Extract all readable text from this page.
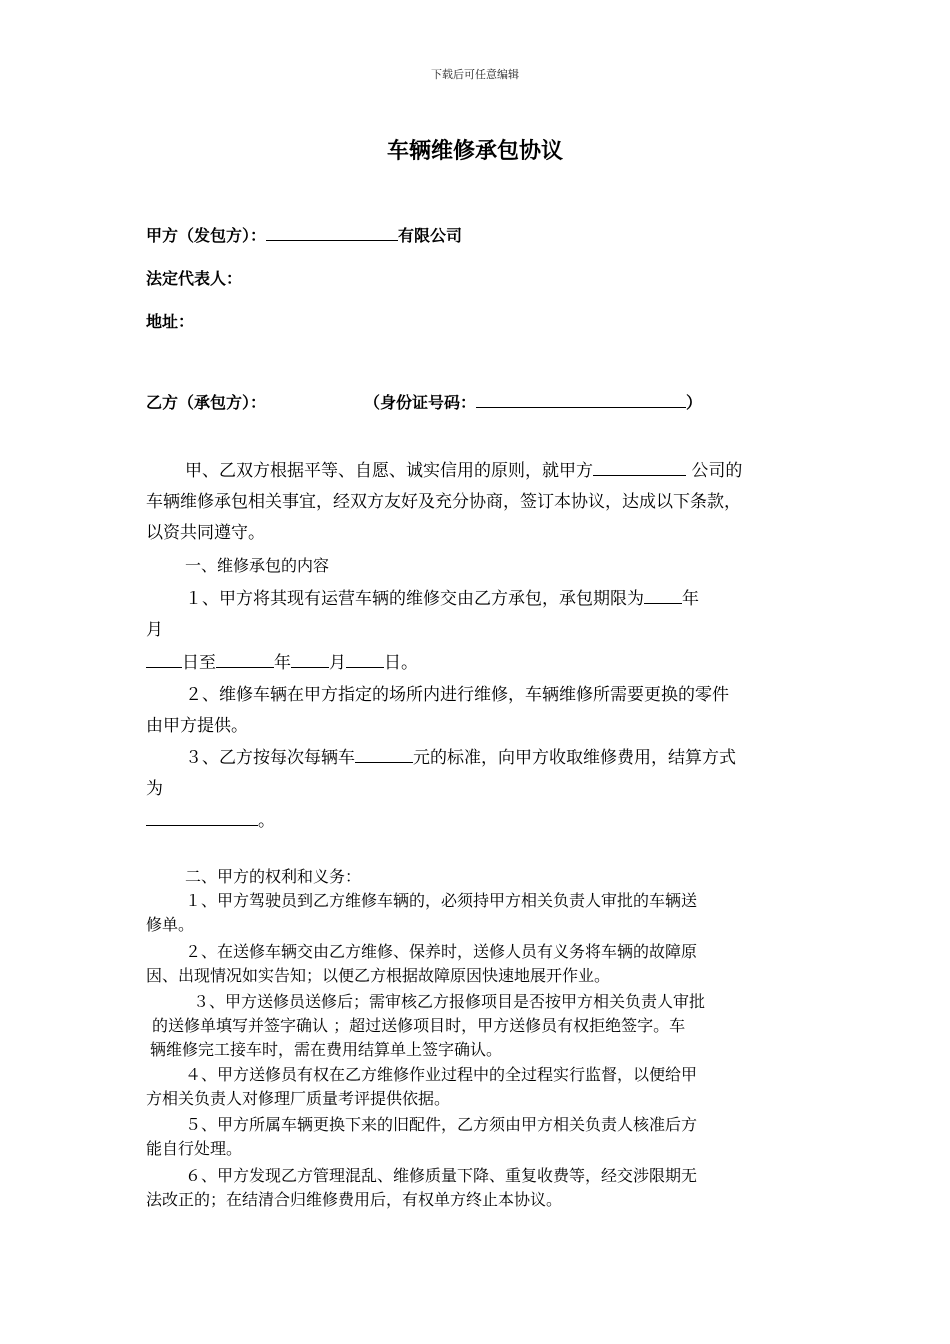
下载后可任意编辑
车辆维修承包协议
甲方（发包方）：	有限公司
法定代表人：
地址：
乙方（承包方）：	（身份证号码：	）
甲、乙双方根据平等、自愿、诚实信用的原则，就甲方	公司的
车辆维修承包相关事宜，经双方友好及充分协商，签订本协议，达成以下条款，
以资共同遵守。
一、维修承包的内容
１、甲方将其现有运营车辆的维修交由乙方承包，承包期限为 年
月
日至	年 月 日。
２、维修车辆在甲方指定的场所内进行维修，车辆维修所需要更换的零件
由甲方提供。
３、乙方按每次每辆车	元的标准，向甲方收取维修费用，结算方式
为
。
二、甲方的权利和义务：
１、甲方驾驶员到乙方维修车辆的，必须持甲方相关负责人审批的车辆送
修单。
２、在送修车辆交由乙方维修、保养时，送修人员有义务将车辆的故障原
因、出现情况如实告知；以便乙方根据故障原因快速地展开作业。
３、甲方送修员送修后；需审核乙方报修项目是否按甲方相关负责人审批
的送修单填写并签字确认 ；超过送修项目时，甲方送修员有权拒绝签字。车
辆维修完工接车时，需在费用结算单上签字确认。
４、甲方送修员有权在乙方维修作业过程中的全过程实行监督，以便给甲
方相关负责人对修理厂质量考评提供依据。
５、甲方所属车辆更换下来的旧配件，乙方须由甲方相关负责人核准后方
能自行处理。
６、甲方发现乙方管理混乱、维修质量下降、重复收费等，经交涉限期无
法改正的；在结清合归维修费用后，有权单方终止本协议。
